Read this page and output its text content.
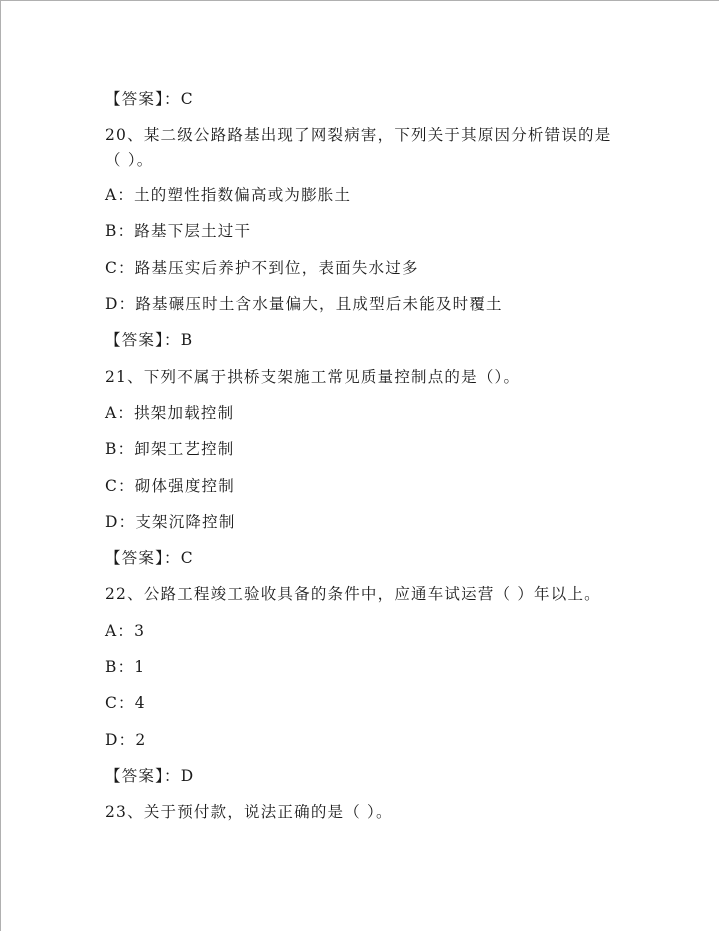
【答案】：C
20、某二级公路路基出现了网裂病害，下列关于其原因分析错误的是
（ ）。
A：土的塑性指数偏高或为膨胀土
B：路基下层土过干
C：路基压实后养护不到位，表面失水过多
D：路基碾压时土含水量偏大，且成型后未能及时覆土
【答案】：B
21、下列不属于拱桥支架施工常见质量控制点的是（）。
A：拱架加载控制
B：卸架工艺控制
C：砌体强度控制
D：支架沉降控制
【答案】：C
22、公路工程竣工验收具备的条件中，应通车试运营（ ）年以上。
A：3
B：1
C：4
D：2
【答案】：D
23、关于预付款，说法正确的是（ ）。
